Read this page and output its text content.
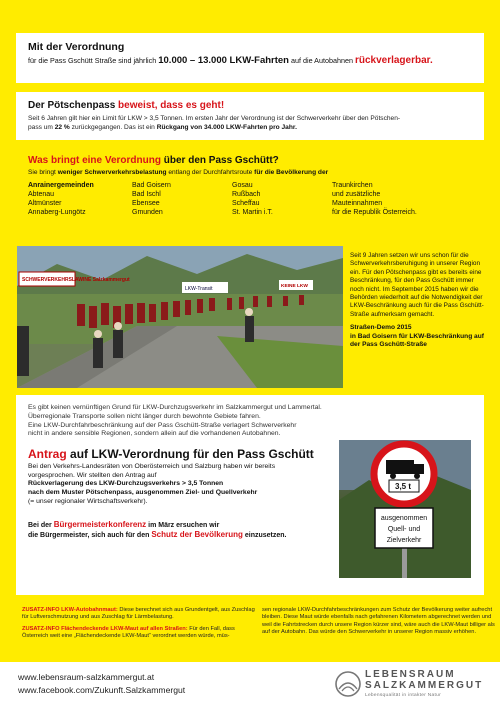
Mit der Verordnung
für die Pass Gschütt Straße sind jährlich 10.000 – 13.000 LKW-Fahrten auf die Autobahnen rückverlagerbar.
Der Pötschenpass beweist, dass es geht!
Seit 6 Jahren gilt hier ein Limit für LKW > 3,5 Tonnen. Im ersten Jahr der Verordnung ist der Schwerverkehr über den Pötschen-
pass um 22 % zurückgegangen. Das ist ein Rückgang von 34.000 LKW-Fahrten pro Jahr.
Was bringt eine Verordnung über den Pass Gschütt?
Sie bringt weniger Schwerverkehrsbelastung entlang der Durchfahrtsroute für die Bevölkerung der
Anrainergemeinden
Abtenau
Altmünster
Annaberg-Lungötz
Bad Goisern
Bad Ischl
Ebensee
Gmunden
Gosau
Rußbach
Scheffau
St. Martin i.T.
Traunkirchen
und zusätzliche
Mauteinnahmen
für die Republik Österreich.
SCHWERVERKEHRSLAWINE Salzkammergut
LKW-Transit	KEINE LKW
Seit 9 Jahren setzen wir uns schon für die Schwerverkehrsberuhigung in unserer Region ein. Für den Pötschenpass gibt es bereits eine Beschränkung, für den Pass Gschütt immer noch nicht. Im September 2015 haben wir die Behörden wiederholt auf die Notwendigkeit der LKW-Beschränkung auch für die Pass Gschütt-Straße aufmerksam gemacht.
Straßen-Demo 2015
in Bad Goisern für LKW-Beschränkung auf der Pass Gschütt-Straße
Es gibt keinen vernünftigen Grund für LKW-Durchzugsverkehr im Salzkammergut und Lammertal.
Überregionale Transporte sollen nicht länger durch bewohnte Gebiete fahren.
Eine LKW-Durchfahrbeschränkung auf der Pass Gschütt-Straße verlagert Schwerverkehr
nicht in andere sensible Regionen, sondern allein auf die vorhandenen Autobahnen.
Antrag auf LKW-Verordnung für den Pass Gschütt
Bei den Verkehrs-Landesräten von Oberösterreich und Salzburg haben wir bereits
vorgesprochen. Wir stellten den Antrag auf
Rückverlagerung des LKW-Durchzugsverkehrs > 3,5 Tonnen
nach dem Muster Pötschenpass, ausgenommen Ziel- und Quellverkehr
(= unser regionaler Wirtschaftsverkehr).
Bei der Bürgermeisterkonferenz im März ersuchen wir
die Bürgermeister, sich auch für den Schutz der Bevölkerung einzusetzen.
3,5 t
ausgenommen
Quell- und
Zielverkehr

ZUSATZ-INFO LKW-Autobahnmaut: Diese berechnet sich aus Grundentgelt, aus Zuschlag für Luftverschmutzung und aus Zuschlag für Lärmbelastung.

ZUSATZ-INFO Flächendeckende LKW-Maut auf allen Straßen: Für den Fall, dass Österreich weit eine „Flächendeckende LKW-Maut“ verordnet werden würde, müs-

sen regionale LKW-Durchfahrbeschränkungen zum Schutz der Bevölkerung weiter aufrecht bleiben. Diese Maut würde ebenfalls nach gefahrenen Kilometern abgerechnet werden und weil die Fahrtstrecken durch unsere Region kürzer sind, wäre auch die LKW-Maut billiger als auf der Autobahn. Das würde den Schwerverkehr in unserer Region massiv erhöhen.

www.lebensraum-salzkammergut.at
www.facebook.com/Zukunft.Salzkammergut
LEBENSRAUM
SALZKAMMERGUT
Lebensqualität in intakter Natur
